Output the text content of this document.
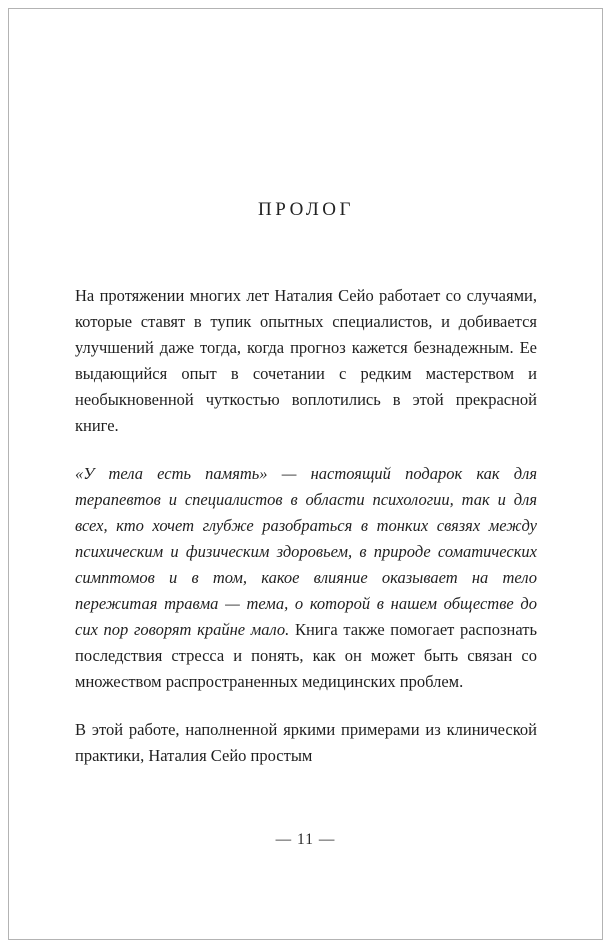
ПРОЛОГ

На протяжении многих лет Наталия Сейо работает со случаями, которые ставят в тупик опытных специалистов, и добивается улучшений даже тогда, когда прогноз кажется безнадежным. Ее выдающийся опыт в сочетании с редким мастерством и необыкновенной чуткостью воплотились в этой прекрасной книге.

«У тела есть память» — настоящий подарок как для терапевтов и специалистов в области психологии, так и для всех, кто хочет глубже разобраться в тонких связях между психическим и физическим здоровьем, в природе соматических симптомов и в том, какое влияние оказывает на тело пережитая травма — тема, о которой в нашем обществе до сих пор говорят крайне мало. Книга также помогает распознать последствия стресса и понять, как он может быть связан со множеством распространенных медицинских проблем.

В этой работе, наполненной яркими примерами из клинической практики, Наталия Сейо простым

— 11 —
